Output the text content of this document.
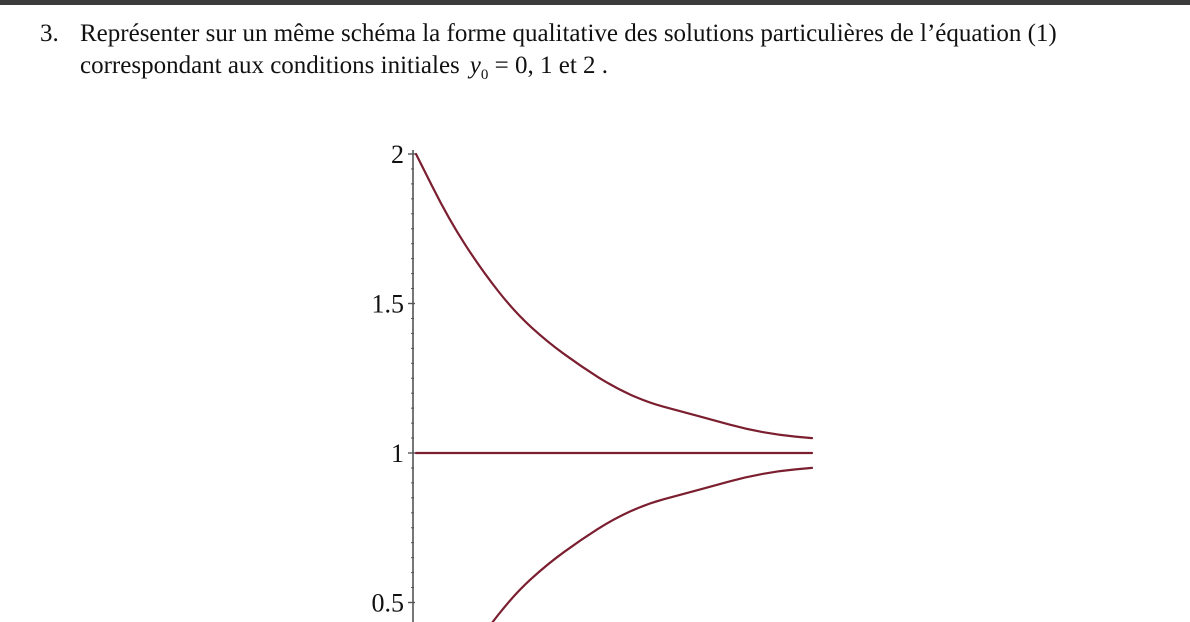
3. Représenter sur un même schéma la forme qualitative des solutions particulières de l’équation (1)
correspondant aux conditions initiales $y_0 = 0$, 1 et 2 .
2
1.5
1
0.5
